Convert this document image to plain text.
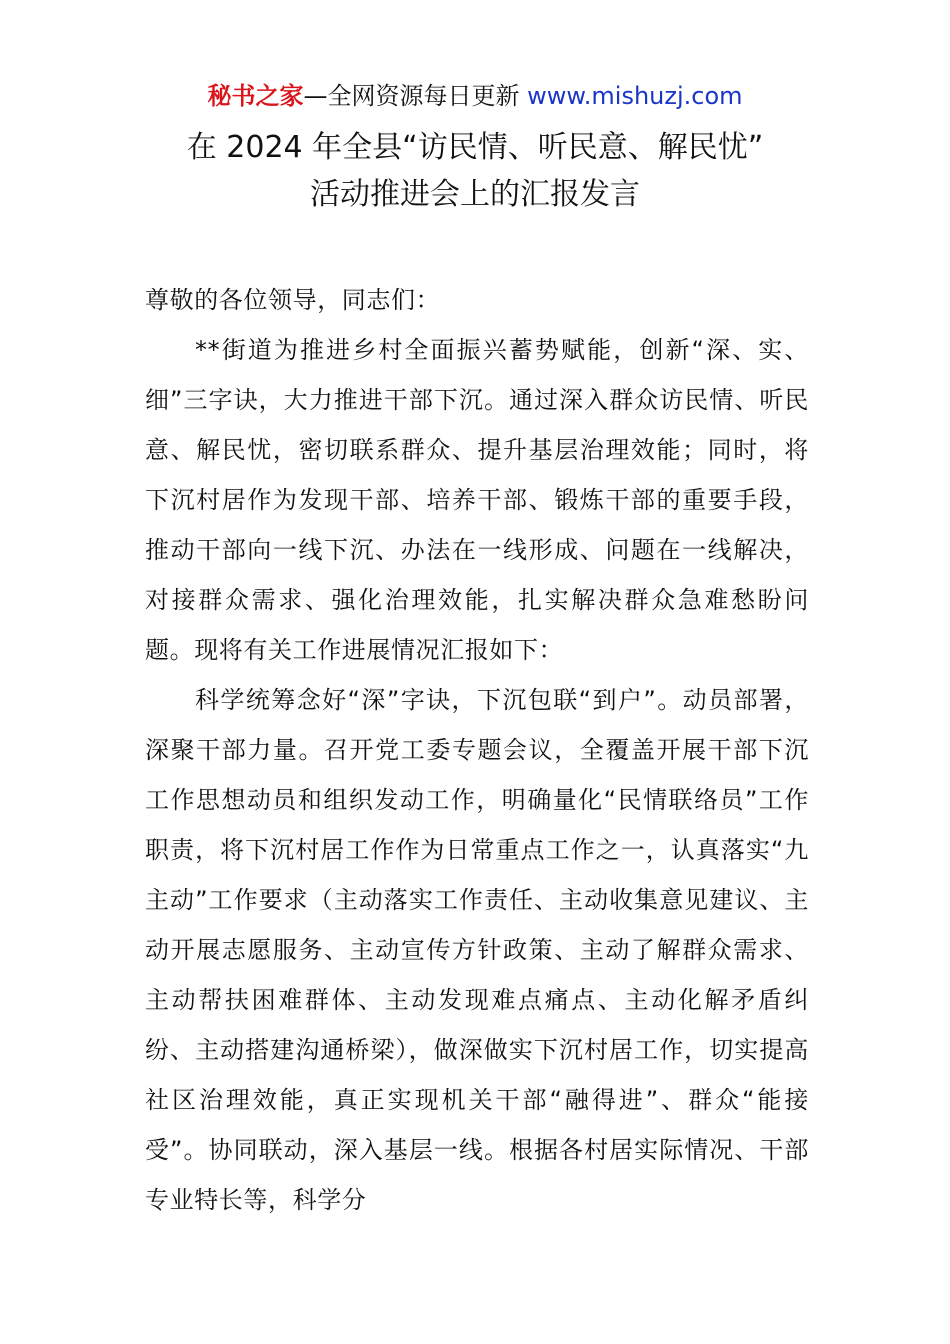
秘书之家—全网资源每日更新 www.mishuzj.com
在 2024 年全县“访民情、听民意、解民忧”
活动推进会上的汇报发言

尊敬的各位领导，同志们：

**街道为推进乡村全面振兴蓄势赋能，创新“深、实、细”三字诀，大力推进干部下沉。通过深入群众访民情、听民意、解民忧，密切联系群众、提升基层治理效能；同时，将下沉村居作为发现干部、培养干部、锻炼干部的重要手段，推动干部向一线下沉、办法在一线形成、问题在一线解决，对接群众需求、强化治理效能，扎实解决群众急难愁盼问题。现将有关工作进展情况汇报如下：

科学统筹念好“深”字诀，下沉包联“到户”。动员部署，深聚干部力量。召开党工委专题会议，全覆盖开展干部下沉工作思想动员和组织发动工作，明确量化“民情联络员”工作职责，将下沉村居工作作为日常重点工作之一，认真落实“九主动”工作要求（主动落实工作责任、主动收集意见建议、主动开展志愿服务、主动宣传方针政策、主动了解群众需求、主动帮扶困难群体、主动发现难点痛点、主动化解矛盾纠纷、主动搭建沟通桥梁），做深做实下沉村居工作，切实提高社区治理效能，真正实现机关干部“融得进”、群众“能接受”。协同联动，深入基层一线。根据各村居实际情况、干部专业特长等，科学分
